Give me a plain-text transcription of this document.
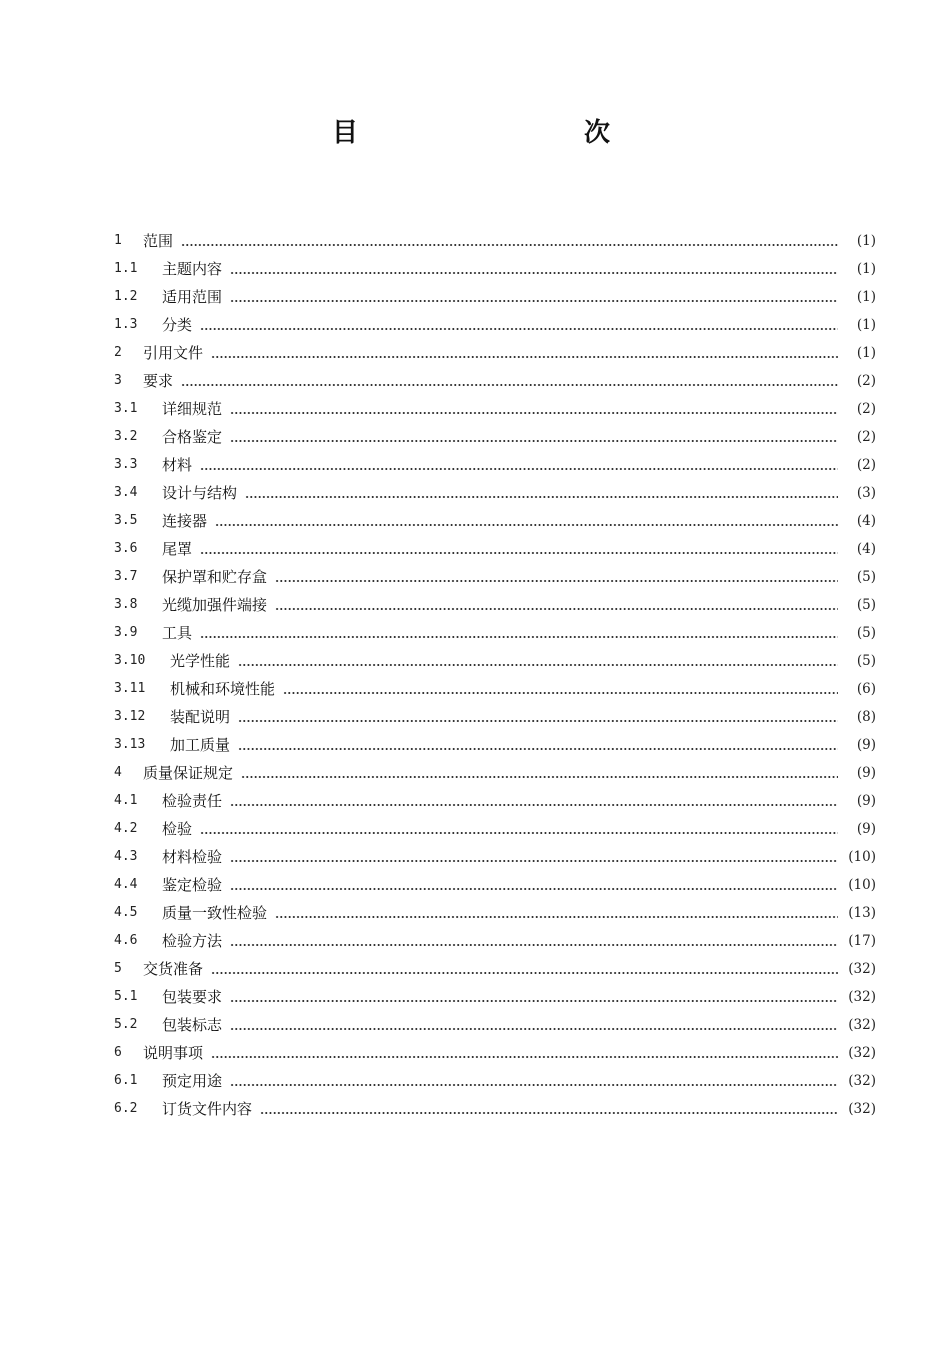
目　　次
1	范围	(1)
1.1	主题内容	(1)
1.2	适用范围	(1)
1.3	分类	(1)
2	引用文件	(1)
3	要求	(2)
3.1	详细规范	(2)
3.2	合格鉴定	(2)
3.3	材料	(2)
3.4	设计与结构	(3)
3.5	连接器	(4)
3.6	尾罩	(4)
3.7	保护罩和贮存盒	(5)
3.8	光缆加强件端接	(5)
3.9	工具	(5)
3.10	光学性能	(5)
3.11	机械和环境性能	(6)
3.12	装配说明	(8)
3.13	加工质量	(9)
4	质量保证规定	(9)
4.1	检验责任	(9)
4.2	检验	(9)
4.3	材料检验	(10)
4.4	鉴定检验	(10)
4.5	质量一致性检验	(13)
4.6	检验方法	(17)
5	交货准备	(32)
5.1	包装要求	(32)
5.2	包装标志	(32)
6	说明事项	(32)
6.1	预定用途	(32)
6.2	订货文件内容	(32)
